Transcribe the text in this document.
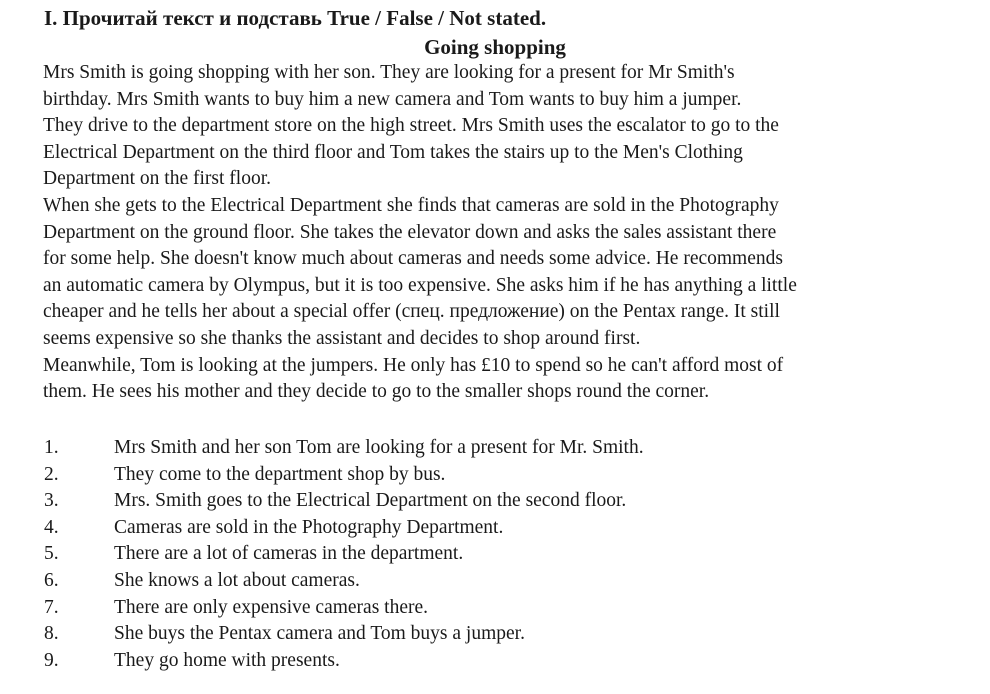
I. Прочитай текст и подставь True / False / Not stated.
Going shopping
Mrs Smith is going shopping with her son. They are looking for a present for Mr Smith's
birthday. Mrs Smith wants to buy him a new camera and Tom wants to buy him a jumper.
They drive to the department store on the high street. Mrs Smith uses the escalator to go to the
Electrical Department on the third floor and Tom takes the stairs up to the Men's Clothing
Department on the first floor.
When she gets to the Electrical Department she finds that cameras are sold in the Photography
Department on the ground floor. She takes the elevator down and asks the sales assistant there
for some help. She doesn't know much about cameras and needs some advice. He recommends
an automatic camera by Olympus, but it is too expensive. She asks him if he has anything a little
cheaper and he tells her about a special offer (спец. предложение) on the Pentax range. It still
seems expensive so she thanks the assistant and decides to shop around first.
Meanwhile, Tom is looking at the jumpers. He only has £10 to spend so he can't afford most of
them. He sees his mother and they decide to go to the smaller shops round the corner.
1.	Mrs Smith and her son Tom are looking for a present for Mr. Smith.
2.	They come to the department shop by bus.
3.	Mrs. Smith goes to the Electrical Department on the second floor.
4.	Cameras are sold in the Photography Department.
5.	There are a lot of cameras in the department.
6.	She knows a lot about cameras.
7.	There are only expensive cameras there.
8.	She buys the Pentax camera and Tom buys a jumper.
9.	They go home with presents.
